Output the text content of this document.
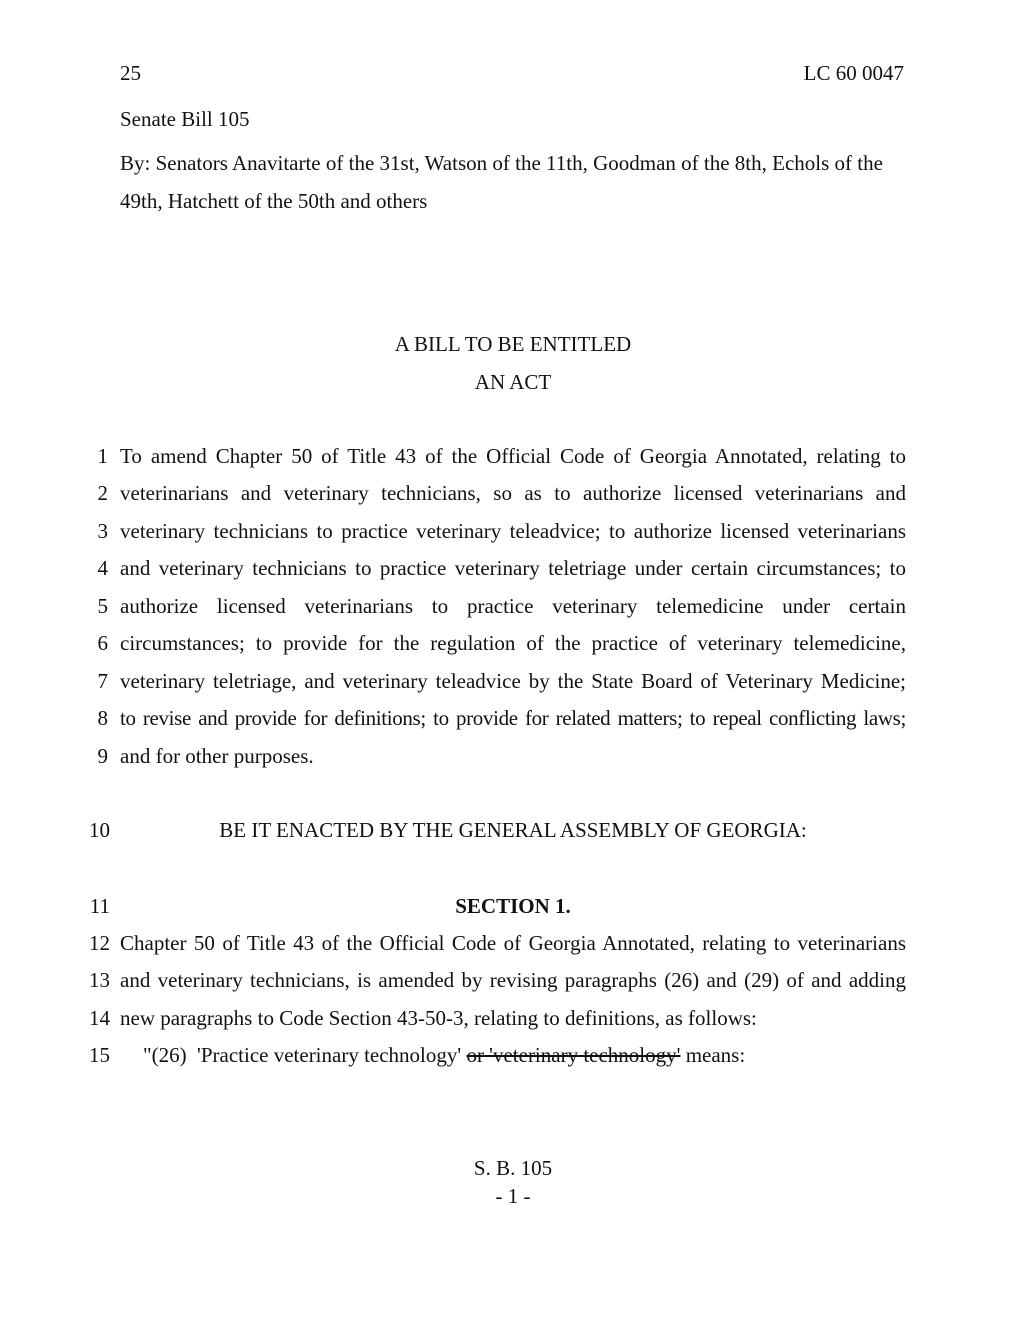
25	LC 60 0047
Senate Bill 105
By: Senators Anavitarte of the 31st, Watson of the 11th, Goodman of the 8th, Echols of the 49th, Hatchett of the 50th and others
A BILL TO BE ENTITLED
AN ACT
1 To amend Chapter 50 of Title 43 of the Official Code of Georgia Annotated, relating to
2 veterinarians and veterinary technicians, so as to authorize licensed veterinarians and
3 veterinary technicians to practice veterinary teleadvice; to authorize licensed veterinarians
4 and veterinary technicians to practice veterinary teletriage under certain circumstances; to
5 authorize licensed veterinarians to practice veterinary telemedicine under certain
6 circumstances; to provide for the regulation of the practice of veterinary telemedicine,
7 veterinary teletriage, and veterinary teleadvice by the State Board of Veterinary Medicine;
8 to revise and provide for definitions; to provide for related matters; to repeal conflicting laws;
9 and for other purposes.
10	BE IT ENACTED BY THE GENERAL ASSEMBLY OF GEORGIA:
11	SECTION 1.
12 Chapter 50 of Title 43 of the Official Code of Georgia Annotated, relating to veterinarians
13 and veterinary technicians, is amended by revising paragraphs (26) and (29) of and adding
14 new paragraphs to Code Section 43-50-3, relating to definitions, as follows:
15 "(26)  'Practice veterinary technology' or 'veterinary technology' means:
S. B. 105
- 1 -
